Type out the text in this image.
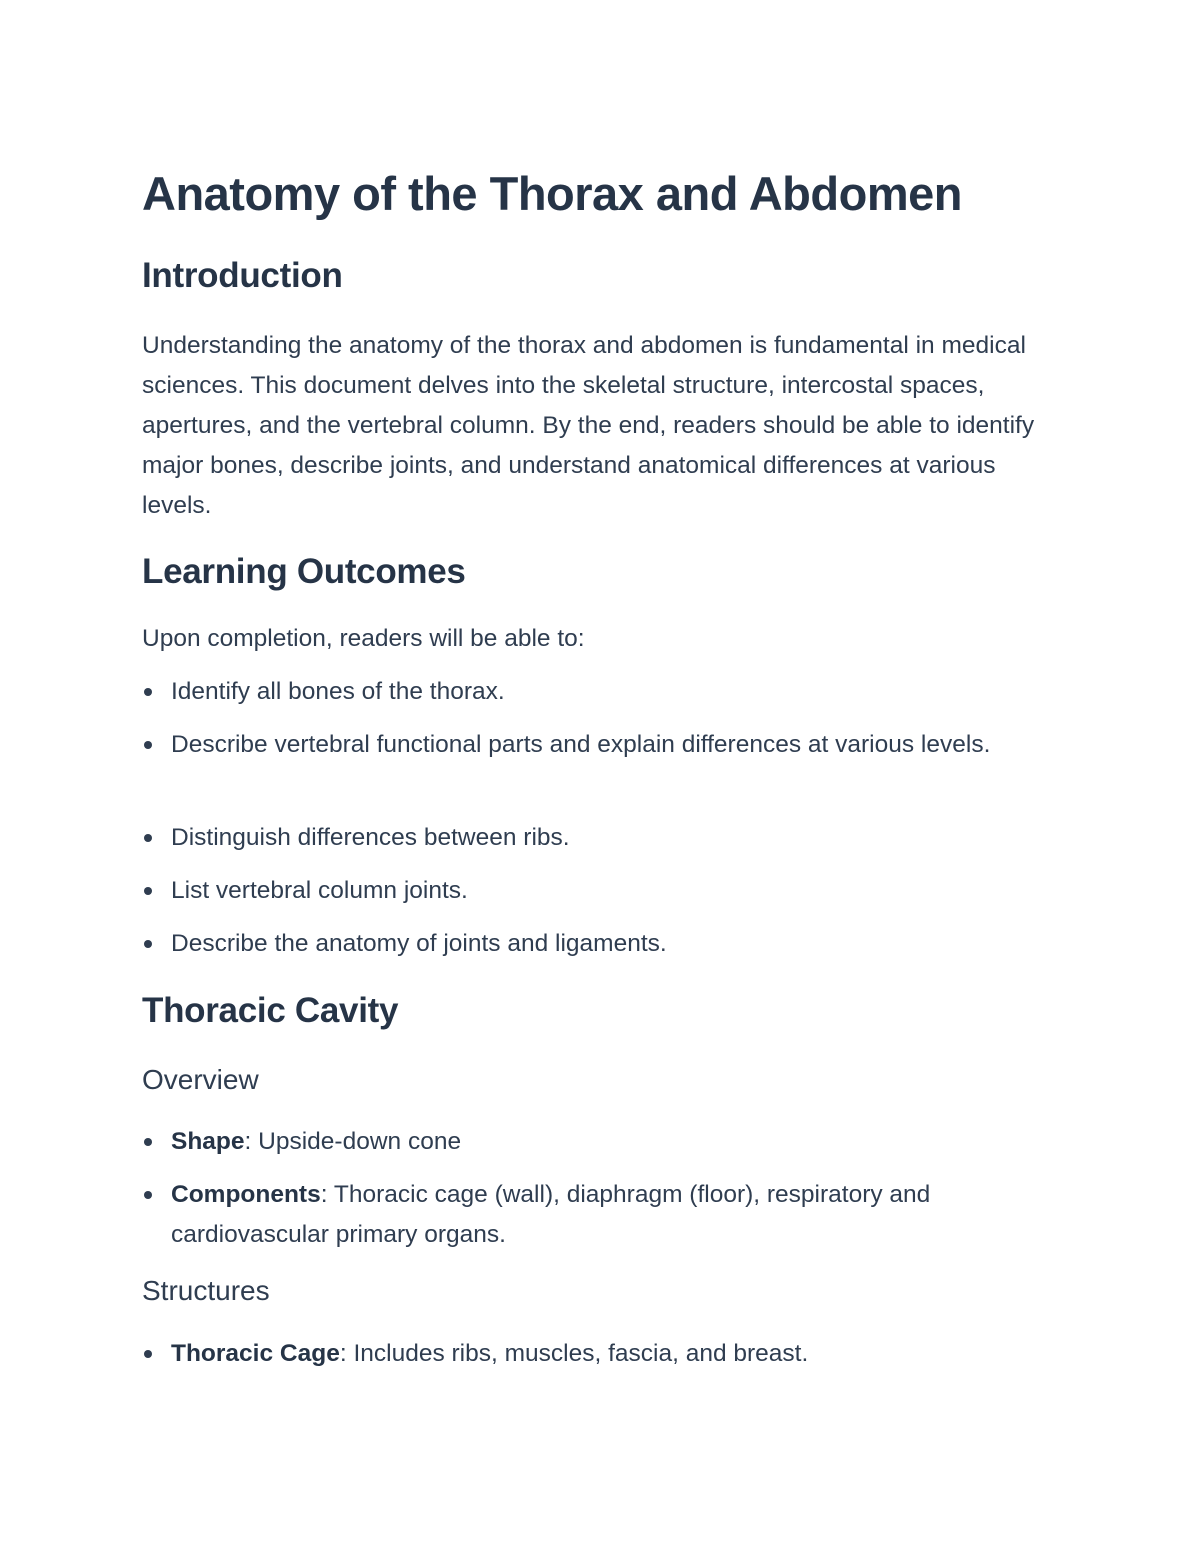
Anatomy of the Thorax and Abdomen
Introduction

Understanding the anatomy of the thorax and abdomen is fundamental in medical sciences. This document delves into the skeletal structure, intercostal spaces, apertures, and the vertebral column. By the end, readers should be able to identify major bones, describe joints, and understand anatomical differences at various levels.

Learning Outcomes

Upon completion, readers will be able to:

Identify all bones of the thorax.
Describe vertebral functional parts and explain differences at various levels.
Distinguish differences between ribs.
List vertebral column joints.
Describe the anatomy of joints and ligaments.
Thoracic Cavity
Overview
Shape: Upside-down cone
Components: Thoracic cage (wall), diaphragm (floor), respiratory and cardiovascular primary organs.
Structures
Thoracic Cage: Includes ribs, muscles, fascia, and breast.
